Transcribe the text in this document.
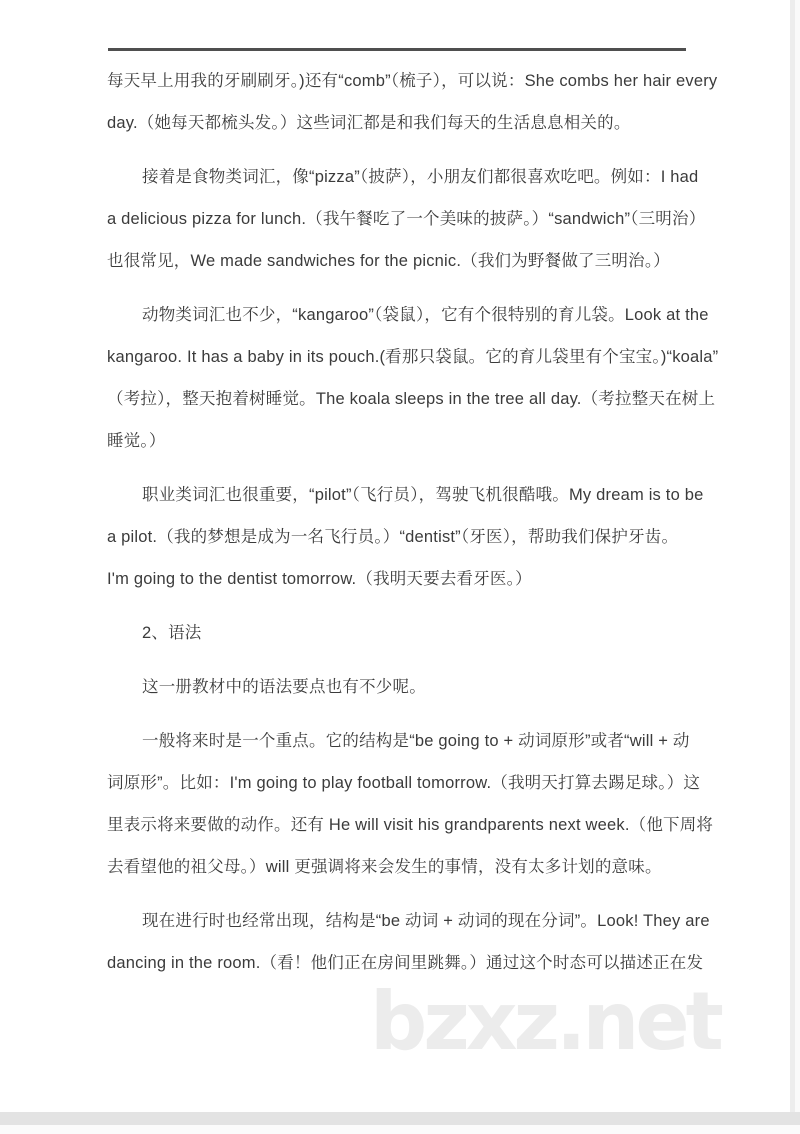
每天早上用我的牙刷刷牙。)还有“comb”（梳子），可以说：She combs her hair every
day.（她每天都梳头发。）这些词汇都是和我们每天的生活息息相关的。
接着是食物类词汇，像“pizza”（披萨），小朋友们都很喜欢吃吧。例如：I had
a delicious pizza for lunch.（我午餐吃了一个美味的披萨。）“sandwich”（三明治）
也很常见，We made sandwiches for the picnic.（我们为野餐做了三明治。）
动物类词汇也不少，“kangaroo”（袋鼠），它有个很特别的育儿袋。Look at the
kangaroo. It has a baby in its pouch.(看那只袋鼠。它的育儿袋里有个宝宝。)“koala”
（考拉），整天抱着树睡觉。The koala sleeps in the tree all day.（考拉整天在树上
睡觉。）
职业类词汇也很重要，“pilot”（飞行员），驾驶飞机很酷哦。My dream is to be
a pilot.（我的梦想是成为一名飞行员。）“dentist”（牙医），帮助我们保护牙齿。
I'm going to the dentist tomorrow.（我明天要去看牙医。）
2、语法
这一册教材中的语法要点也有不少呢。
一般将来时是一个重点。它的结构是“be going to + 动词原形”或者“will + 动
词原形”。比如：I'm going to play football tomorrow.（我明天打算去踢足球。）这
里表示将来要做的动作。还有 He will visit his grandparents next week.（他下周将
去看望他的祖父母。）will 更强调将来会发生的事情，没有太多计划的意味。
现在进行时也经常出现，结构是“be 动词 + 动词的现在分词”。Look! They are
dancing in the room.（看！他们正在房间里跳舞。）通过这个时态可以描述正在发
bzxz.net
